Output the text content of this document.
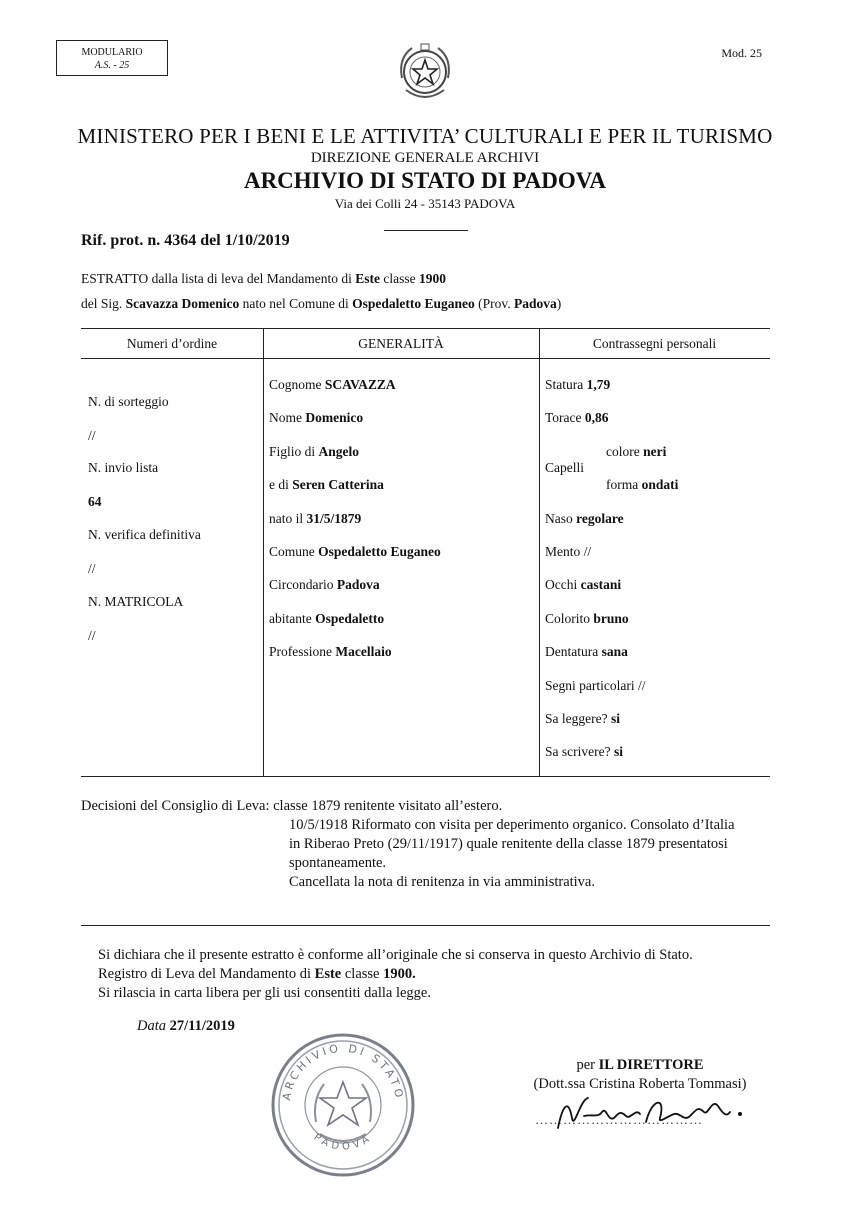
MODULARIO
A.S. - 25
Mod. 25
MINISTERO PER I BENI E LE ATTIVITA’ CULTURALI E PER IL TURISMO
DIREZIONE GENERALE ARCHIVI
ARCHIVIO DI STATO DI PADOVA
Via dei Colli 24 - 35143 PADOVA
Rif. prot. n. 4364 del 1/10/2019
ESTRATTO dalla lista di leva del Mandamento di Este classe 1900
del Sig. Scavazza Domenico nato nel Comune di Ospedaletto Euganeo (Prov. Padova)
Numeri d’ordine	GENERALITÀ	Contrassegni personali
N. di sorteggio
//
N. invio lista
64
N. verifica definitiva
//
N. MATRICOLA
//
Cognome SCAVAZZA
Nome Domenico
Figlio di Angelo
e di Seren Catterina
nato il 31/5/1879
Comune Ospedaletto Euganeo
Circondario Padova
abitante Ospedaletto
Professione Macellaio
Statura 1,79
Torace 0,86
colore neri
Capelli
forma ondati
Naso regolare
Mento //
Occhi castani
Colorito bruno
Dentatura sana
Segni particolari //
Sa leggere? si
Sa scrivere? si
Decisioni del Consiglio di Leva: classe 1879 renitente visitato all’estero.
10/5/1918 Riformato con visita per deperimento organico. Consolato d’Italia
in Riberao Preto (29/11/1917) quale renitente della classe 1879 presentatosi
spontaneamente.
Cancellata la nota di renitenza in via amministrativa.
Si dichiara che il presente estratto è conforme all’originale che si conserva in questo Archivio di Stato.
Registro di Leva del Mandamento di Este classe 1900.
Si rilascia in carta libera per gli usi consentiti dalla legge.
Data 27/11/2019
ARCHIVIO DI STATO
PADOVA
per IL DIRETTORE
(Dott.ssa Cristina Roberta Tommasi)
………………………………
